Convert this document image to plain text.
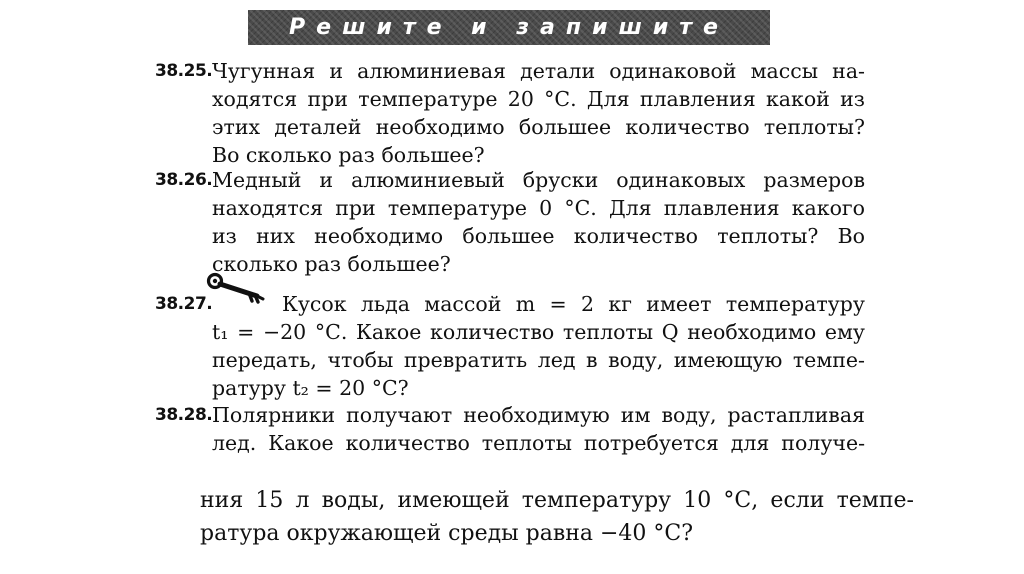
Решите и запишите
38.25. Чугунная и алюминиевая детали одинаковой массы на-
ходятся при температуре 20 °С. Для плавления какой из
этих деталей необходимо большее количество теплоты?
Во сколько раз большее?
38.26. Медный и алюминиевый бруски одинаковых размеров
находятся при температуре 0 °С. Для плавления какого
из них необходимо большее количество теплоты? Во
сколько раз большее?
38.27.	Кусок льда массой m = 2 кг имеет температуру
t₁ = −20 °С. Какое количество теплоты Q необходимо ему
передать, чтобы превратить лед в воду, имеющую темпе-
ратуру t₂ = 20 °С?
38.28. Полярники получают необходимую им воду, растапливая
лед. Какое количество теплоты потребуется для получе-
ния 15 л воды, имеющей температуру 10 °С, если темпе-
ратура окружающей среды равна −40 °С?
